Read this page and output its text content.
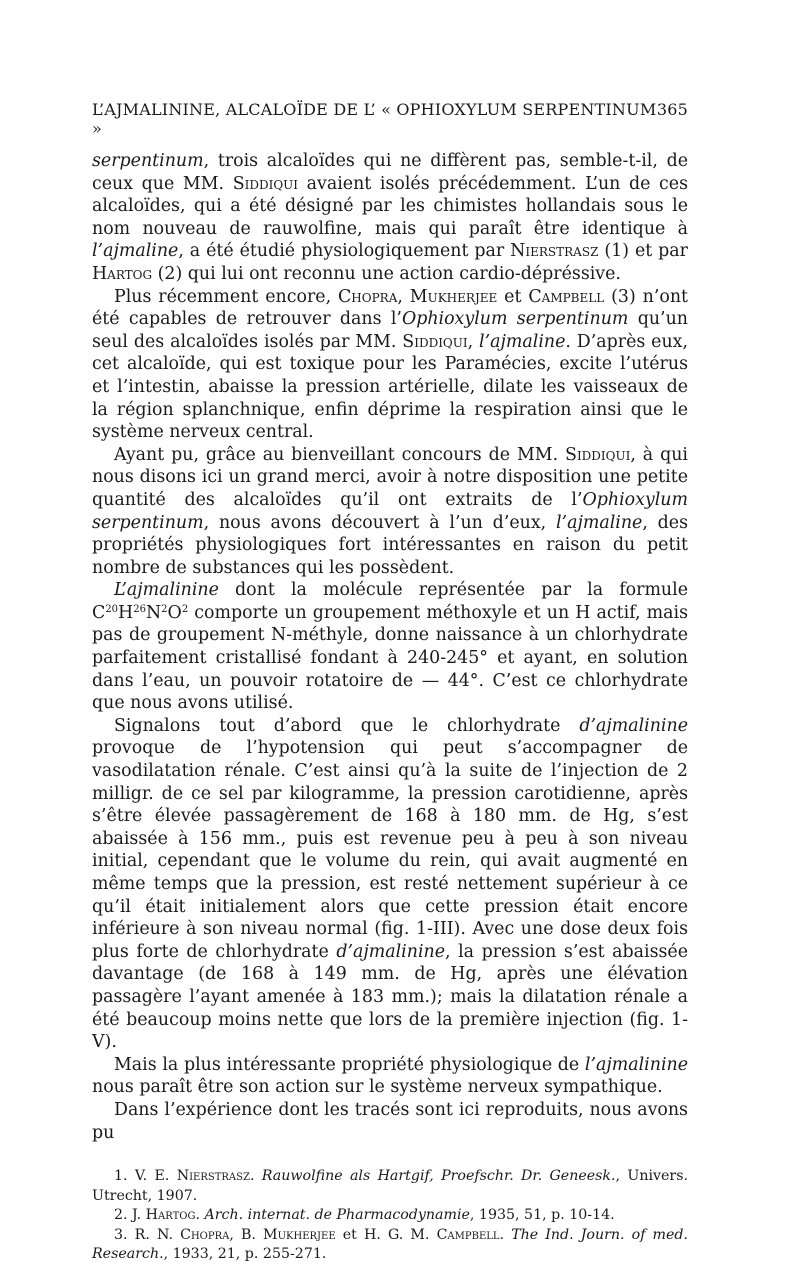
L’AJMALININE, ALCALOÏDE DE L’ « OPHIOXYLUM SERPENTINUM »
365

serpentinum, trois alcaloïdes qui ne diffèrent pas, semble-t-il, de ceux que MM. Siddiqui avaient isolés précédemment. L’un de ces alcaloïdes, qui a été désigné par les chimistes hollandais sous le nom nouveau de rauwolfine, mais qui paraît être identique à l’ajmaline, a été étudié physiologiquement par Nierstrasz (1) et par Hartog (2) qui lui ont reconnu une action cardio-dépréssive.

Plus récemment encore, Chopra, Mukherjee et Campbell (3) n’ont été capables de retrouver dans l’Ophioxylum serpentinum qu’un seul des alcaloïdes isolés par MM. Siddiqui, l’ajmaline. D’après eux, cet alcaloïde, qui est toxique pour les Paramécies, excite l’utérus et l’intestin, abaisse la pression artérielle, dilate les vaisseaux de la région splanchnique, enfin déprime la respiration ainsi que le système nerveux central.

Ayant pu, grâce au bienveillant concours de MM. Siddiqui, à qui nous disons ici un grand merci, avoir à notre disposition une petite quantité des alcaloïdes qu’il ont extraits de l’Ophioxylum serpentinum, nous avons découvert à l’un d’eux, l’ajmaline, des propriétés physiologiques fort intéressantes en raison du petit nombre de substances qui les possèdent.

L’ajmalinine dont la molécule représentée par la formule $C^{20}H^{26}N^2O^2$ comporte un groupement méthoxyle et un H actif, mais pas de groupement N-méthyle, donne naissance à un chlorhydrate parfaitement cristallisé fondant à 240-245° et ayant, en solution dans l’eau, un pouvoir rotatoire de — 44°. C’est ce chlorhydrate que nous avons utilisé.

Signalons tout d’abord que le chlorhydrate d’ajmalinine provoque de l’hypotension qui peut s’accompagner de vasodilatation rénale. C’est ainsi qu’à la suite de l’injection de 2 milligr. de ce sel par kilogramme, la pression carotidienne, après s’être élevée passagèrement de 168 à 180 mm. de Hg, s’est abaissée à 156 mm., puis est revenue peu à peu à son niveau initial, cependant que le volume du rein, qui avait augmenté en même temps que la pression, est resté nettement supérieur à ce qu’il était initialement alors que cette pression était encore inférieure à son niveau normal (fig. 1-III). Avec une dose deux fois plus forte de chlorhydrate d’ajmalinine, la pression s’est abaissée davantage (de 168 à 149 mm. de Hg, après une élévation passagère l’ayant amenée à 183 mm.); mais la dilatation rénale a été beaucoup moins nette que lors de la première injection (fig. 1-V).

Mais la plus intéressante propriété physiologique de l’ajmalinine nous paraît être son action sur le système nerveux sympathique.

Dans l’expérience dont les tracés sont ici reproduits, nous avons pu

1. V. E. Nierstrasz. Rauwolfine als Hartgif, Proefschr. Dr. Geneesk., Univers. Utrecht, 1907.

2. J. Hartog. Arch. internat. de Pharmacodynamie, 1935, 51, p. 10-14.

3. R. N. Chopra, B. Mukherjee et H. G. M. Campbell. The Ind. Journ. of med. Research., 1933, 21, p. 255-271.
